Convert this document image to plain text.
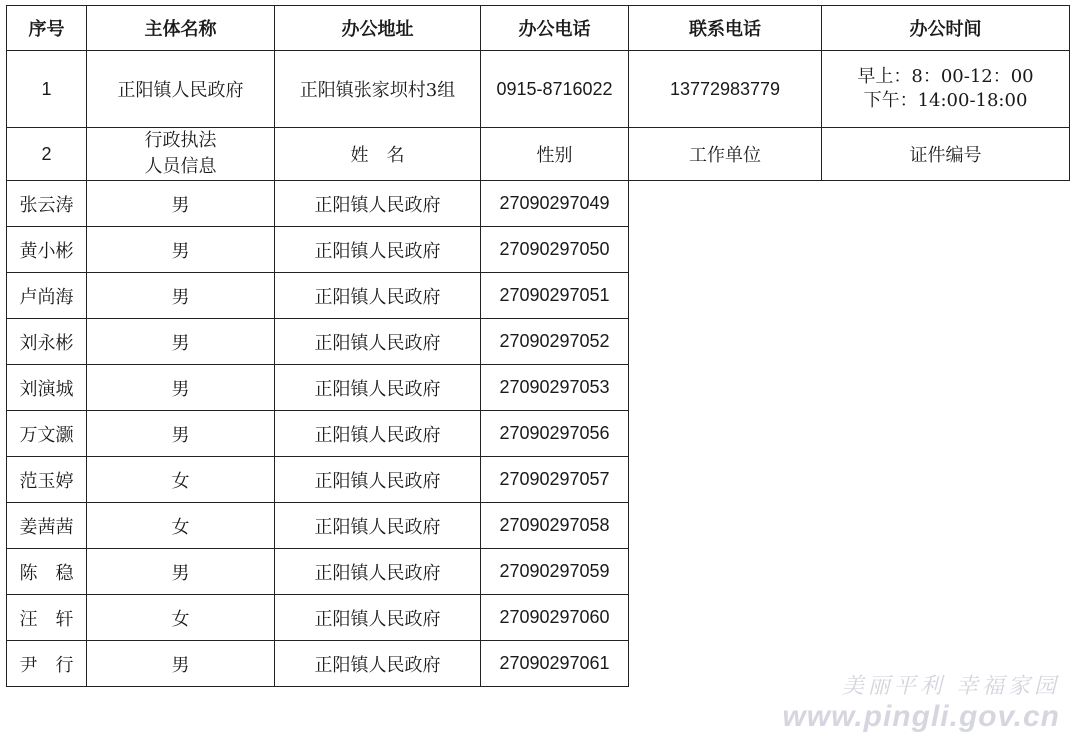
序号	主体名称	办公地址	办公电话	联系电话	办公时间
1	正阳镇人民政府	正阳镇张家坝村3组	0915-8716022	13772983779	早上：8：00-12：00
下午：14:00-18:00

2	行政执法
人员信息	姓　名	性别	工作单位	证件编号
张云涛	男	正阳镇人民政府	27090297049		
黄小彬	男	正阳镇人民政府	27090297050		
卢尚海	男	正阳镇人民政府	27090297051		
刘永彬	男	正阳镇人民政府	27090297052		
刘演城	男	正阳镇人民政府	27090297053		
万文灏	男	正阳镇人民政府	27090297056		
范玉婷	女	正阳镇人民政府	27090297057		
姜茜茜	女	正阳镇人民政府	27090297058		
陈　稳	男	正阳镇人民政府	27090297059		
汪　轩	女	正阳镇人民政府	27090297060		
尹　行	男	正阳镇人民政府	27090297061		
美丽平利 幸福家园
www.pingli.gov.cn
